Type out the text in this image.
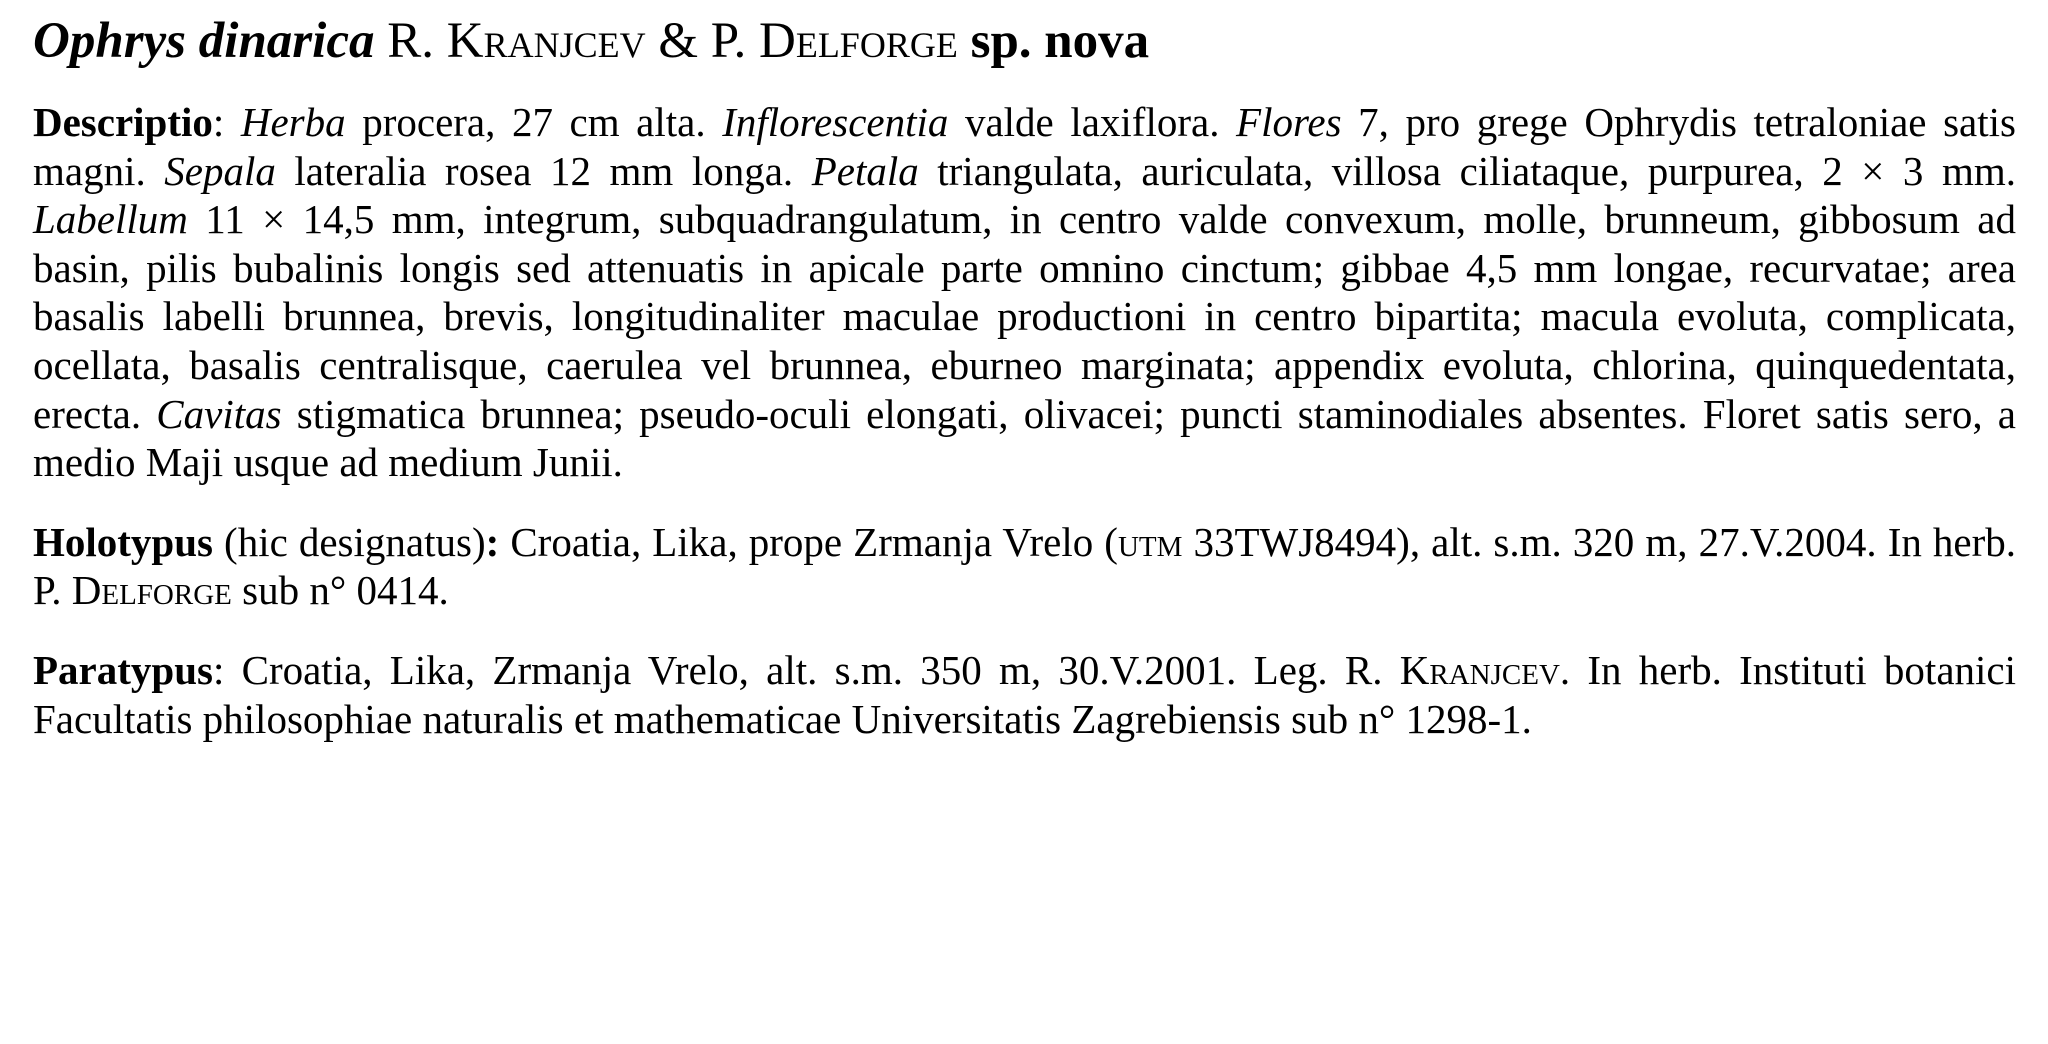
Ophrys dinarica R. Kranjcev & P. Delforge sp. nova

Descriptio: Herba procera, 27 cm alta. Inflorescentia valde laxiflora. Flores 7, pro grege Ophrydis tetraloniae satis magni. Sepala lateralia rosea 12 mm longa. Petala triangulata, auriculata, villosa ciliataque, purpurea, 2 × 3 mm. Labellum 11 × 14,5 mm, integrum, subquadrangulatum, in centro valde convexum, molle, brunneum, gibbosum ad basin, pilis bubalinis longis sed attenuatis in apicale parte omnino cinctum; gibbae 4,5 mm longae, recurvatae; area basalis labelli brunnea, brevis, longitudinaliter maculae productioni in centro bipartita; macula evoluta, complicata, ocellata, basalis centralisque, caerulea vel brunnea, eburneo marginata; appendix evoluta, chlorina, quinquedentata, erecta. Cavitas stigmatica brunnea; pseudo-oculi elongati, olivacei; puncti staminodiales absentes. Floret satis sero, a medio Maji usque ad medium Junii.

Holotypus (hic designatus): Croatia, Lika, prope Zrmanja Vrelo (utm 33TWJ8494), alt. s.m. 320 m, 27.V.2004. In herb. P. Delforge sub n° 0414.

Paratypus: Croatia, Lika, Zrmanja Vrelo, alt. s.m. 350 m, 30.V.2001. Leg. R. Kranjcev. In herb. Instituti botanici Facultatis philosophiae naturalis et mathematicae Universitatis Zagrebiensis sub n° 1298-1.
